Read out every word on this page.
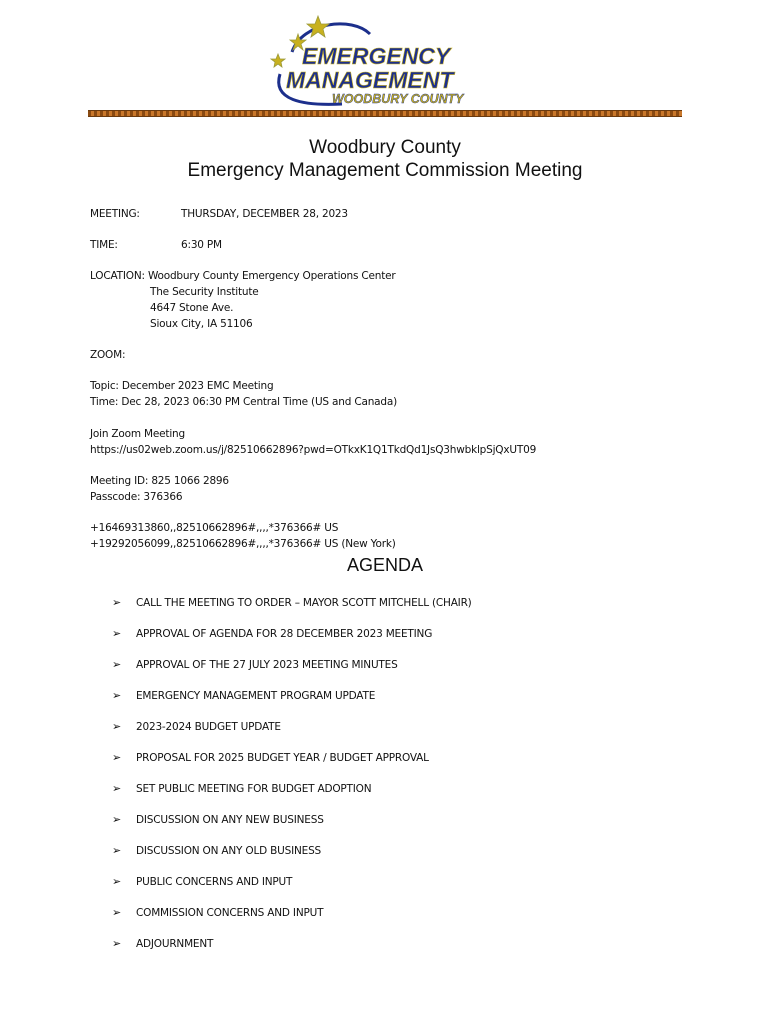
EMERGENCY
MANAGEMENT
WOODBURY COUNTY
Woodbury County
Emergency Management Commission Meeting
MEETING:	THURSDAY, DECEMBER 28, 2023
TIME:	6:30 PM
LOCATION: Woodbury County Emergency Operations Center
The Security Institute
4647 Stone Ave.
Sioux City, IA 51106
ZOOM:
Topic: December 2023 EMC Meeting
Time: Dec 28, 2023 06:30 PM Central Time (US and Canada)
Join Zoom Meeting
https://us02web.zoom.us/j/82510662896?pwd=OTkxK1Q1TkdQd1JsQ3hwbklpSjQxUT09
Meeting ID: 825 1066 2896
Passcode: 376366
+16469313860,,82510662896#,,,,*376366# US
+19292056099,,82510662896#,,,,*376366# US (New York)
AGENDA
➢ CALL THE MEETING TO ORDER – MAYOR SCOTT MITCHELL (CHAIR)
➢ APPROVAL OF AGENDA FOR 28 DECEMBER 2023 MEETING
➢ APPROVAL OF THE 27 JULY 2023 MEETING MINUTES
➢ EMERGENCY MANAGEMENT PROGRAM UPDATE
➢ 2023-2024 BUDGET UPDATE
➢ PROPOSAL FOR 2025 BUDGET YEAR / BUDGET APPROVAL
➢ SET PUBLIC MEETING FOR BUDGET ADOPTION
➢ DISCUSSION ON ANY NEW BUSINESS
➢ DISCUSSION ON ANY OLD BUSINESS
➢ PUBLIC CONCERNS AND INPUT
➢ COMMISSION CONCERNS AND INPUT
➢ ADJOURNMENT
